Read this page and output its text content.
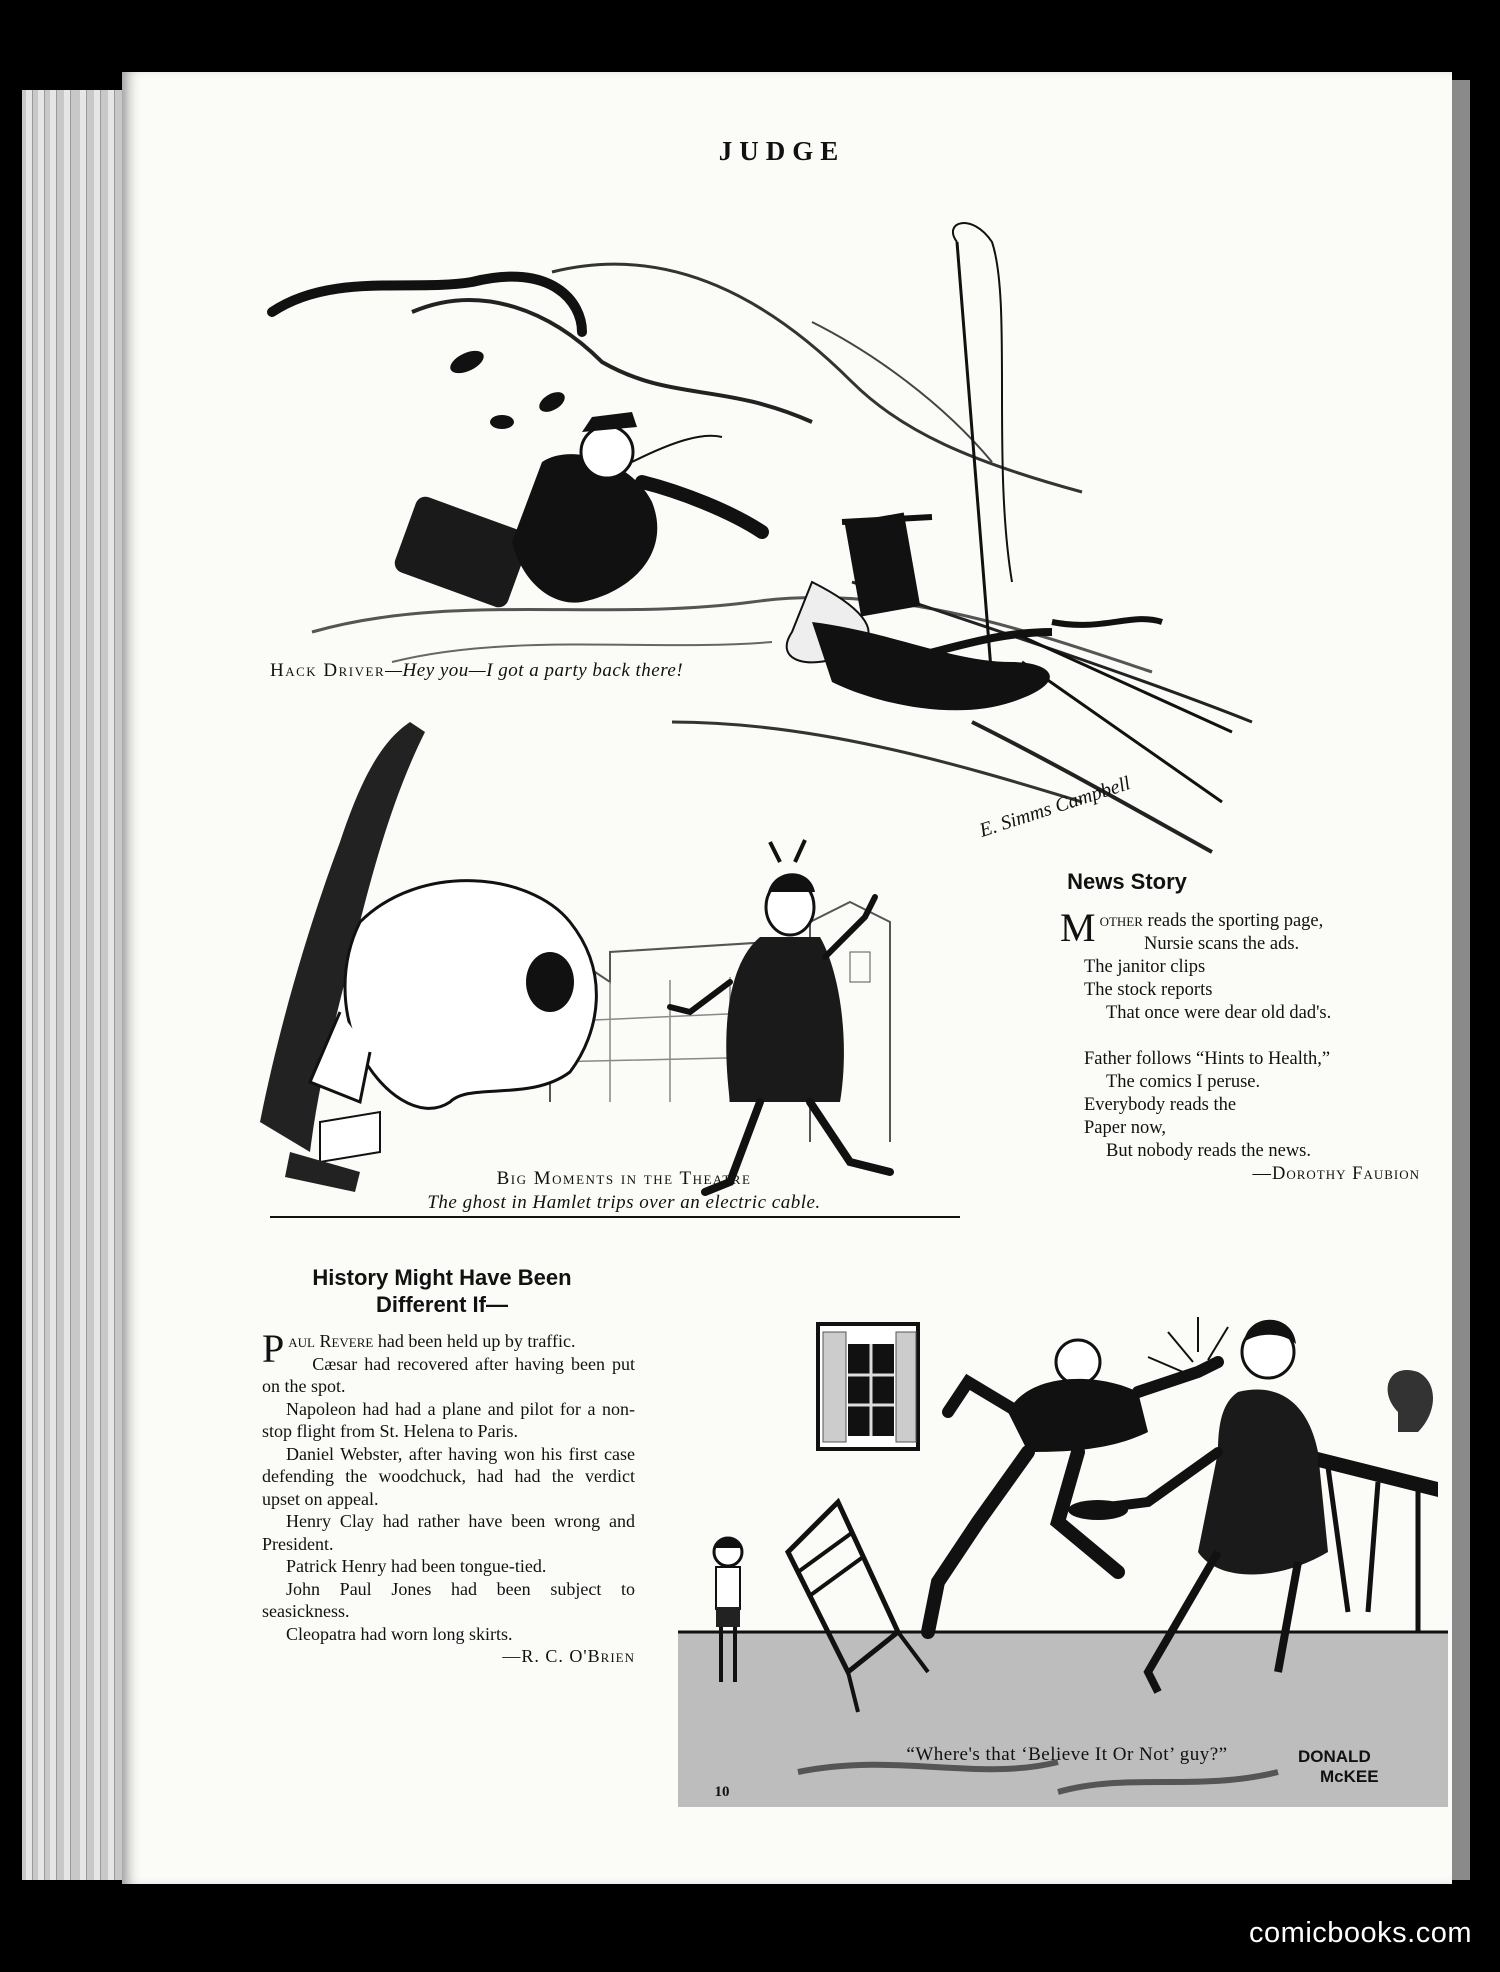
JUDGE
E. Simms Campbell
Hack Driver—Hey you—I got a party back there!
Big Moments in the Theatre
The ghost in Hamlet trips over an electric cable.
News Story
Mother reads the sporting page,
Nursie scans the ads.
The janitor clips
The stock reports
That once were dear old dad's.
Father follows “Hints to Health,”
The comics I peruse.
Everybody reads the
Paper now,
But nobody reads the news.
—Dorothy Faubion
History Might Have Been
Different If—

Paul Revere had been held up by traffic.

Cæsar had recovered after having been put on the spot.

Napoleon had had a plane and pilot for a non-stop flight from St. Helena to Paris.

Daniel Webster, after having won his first case defending the woodchuck, had had the verdict upset on appeal.

Henry Clay had rather have been wrong and President.

Patrick Henry had been tongue-tied.

John Paul Jones had been subject to seasickness.

Cleopatra had worn long skirts.

—R. C. O'Brien
DONALD
McKEE
“Where's that ‘Believe It Or Not’ guy?”
10
comicbooks.com
